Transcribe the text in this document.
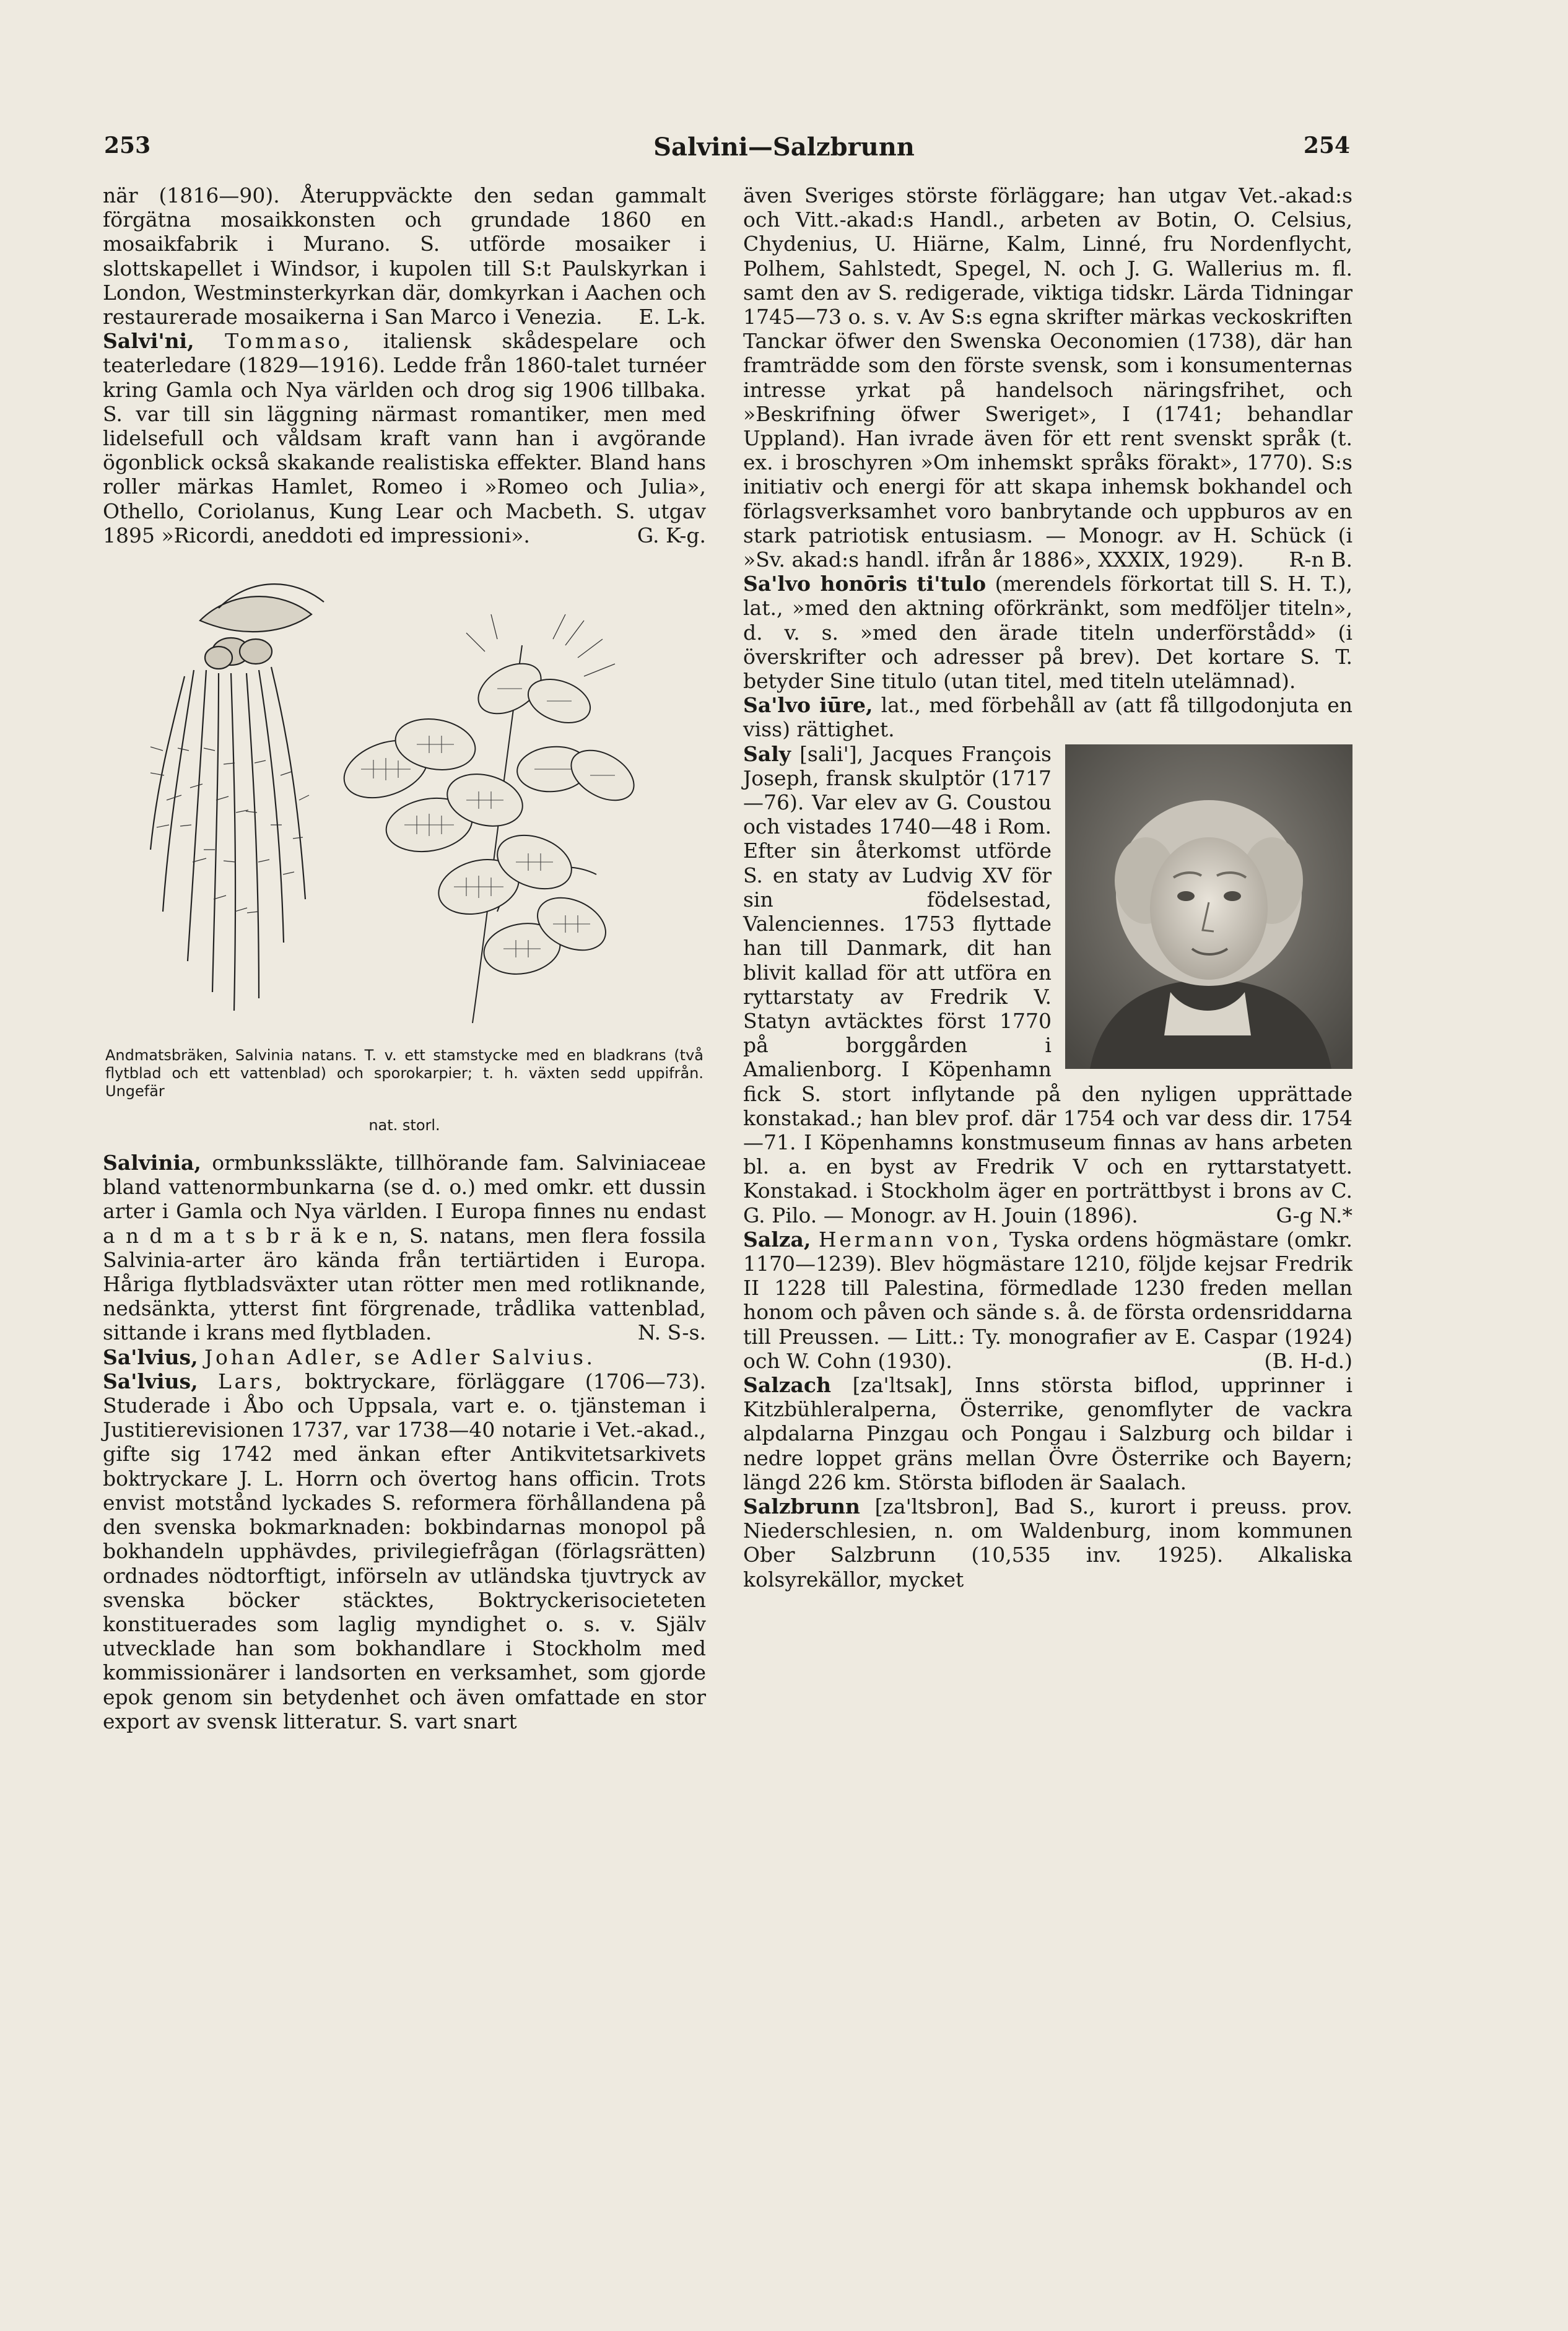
253	Salvini—Salzbrunn	254

när (1816—90). Återuppväckte den sedan gammalt förgätna mosaikkonsten och grundade 1860 en mosaikfabrik i Murano. S. utförde mosaiker i slottskapellet i Windsor, i kupolen till S:t Paulskyrkan i London, Westminsterkyrkan där, domkyrkan i Aachen och restaurerade mosaikerna i San Marco i Venezia. E. L-k.

Salvi'ni, Tommaso, italiensk skådespelare och teaterledare (1829—1916). Ledde från 1860-talet turnéer kring Gamla och Nya världen och drog sig 1906 tillbaka. S. var till sin läggning närmast romantiker, men med lidelsefull och våldsam kraft vann han i avgörande ögonblick också skakande realistiska effekter. Bland hans roller märkas Hamlet, Romeo i »Romeo och Julia», Othello, Coriolanus, Kung Lear och Macbeth. S. utgav 1895 »Ricordi, aneddoti ed impressioni».	G. K-g.

Andmatsbräken, Salvinia natans. T. v. ett stamstycke med en bladkrans (två flytblad och ett vattenblad) och sporokarpier; t. h. växten sedd uppifrån. Ungefär
nat. storl.

Salvinia, ormbunkssläkte, tillhörande fam. Salviniaceae bland vattenormbunkarna (se d. o.) med omkr. ett dussin arter i Gamla och Nya världen. I Europa finnes nu endast a n d m a t s b r ä k e n, S. natans, men flera fossila Salvinia-arter äro kända från tertiärtiden i Europa. Håriga flytbladsväxter utan rötter men med rotliknande, nedsänkta, ytterst fint förgrenade, trådlika vattenblad, sittande i krans med flytbladen.	N. S-s.

Sa'lvius, Johan Adler, se Adler Salvius.

Sa'lvius, Lars, boktryckare, förläggare (1706—73). Studerade i Åbo och Uppsala, vart e. o. tjänsteman i Justitierevisionen 1737, var 1738—40 notarie i Vet.-akad., gifte sig 1742 med änkan efter Antikvitetsarkivets boktryckare J. L. Horrn och övertog hans officin. Trots envist motstånd lyckades S. reformera förhållandena på den svenska bokmarknaden: bokbindarnas monopol på bokhandeln upphävdes, privilegiefrågan (förlagsrätten) ordnades nödtorftigt, införseln av utländska tjuvtryck av svenska böcker stäcktes, Boktryckerisocieteten konstituerades som laglig myndighet o. s. v. Själv utvecklade han som bokhandlare i Stockholm med kommissionärer i landsorten en verksamhet, som gjorde epok genom sin betydenhet och även omfattade en stor export av svensk litteratur. S. vart snart

även Sveriges störste förläggare; han utgav Vet.-akad:s och Vitt.-akad:s Handl., arbeten av Botin, O. Celsius, Chydenius, U. Hiärne, Kalm, Linné, fru Nordenflycht, Polhem, Sahlstedt, Spegel, N. och J. G. Wallerius m. fl. samt den av S. redigerade, viktiga tidskr. Lärda Tidningar 1745—73 o. s. v. Av S:s egna skrifter märkas veckoskriften Tanckar öfwer den Swenska Oeconomien (1738), där han framträdde som den förste svensk, som i konsumenternas intresse yrkat på handelsoch näringsfrihet, och »Beskrifning öfwer Sweriget», I (1741; behandlar Uppland). Han ivrade även för ett rent svenskt språk (t. ex. i broschyren »Om inhemskt språks förakt», 1770). S:s initiativ och energi för att skapa inhemsk bokhandel och förlagsverksamhet voro banbrytande och uppburos av en stark patriotisk entusiasm. — Monogr. av H. Schück (i »Sv. akad:s handl. ifrån år 1886», XXXIX, 1929). R-n B.

Sa'lvo honōris ti'tulo (merendels förkortat till S. H. T.), lat., »med den aktning oförkränkt, som medföljer titeln», d. v. s. »med den ärade titeln underförstådd» (i överskrifter och adresser på brev). Det kortare S. T. betyder Sine titulo (utan titel, med titeln utelämnad).

Sa'lvo iūre, lat., med förbehåll av (att få tillgodonjuta en viss) rättighet.

Saly [sali'], Jacques François Joseph, fransk skulptör (1717—76). Var elev av G. Coustou och vistades 1740—48 i Rom. Efter sin återkomst utförde S. en staty av Ludvig XV för sin födelsestad, Valenciennes. 1753 flyttade han till Danmark, dit han blivit kallad för att utföra en ryttarstaty av Fredrik V. Statyn avtäcktes först 1770 på borggården i Amalienborg. I Köpenhamn fick S. stort inflytande på den nyligen upprättade konstakad.; han blev prof. där 1754 och var dess dir. 1754 —71. I Köpenhamns konstmuseum finnas av hans arbeten bl. a. en byst av Fredrik V och en ryttarstatyett. Konstakad. i Stockholm äger en porträttbyst i brons av C. G. Pilo. — Monogr. av H. Jouin (1896).	G-g N.*

Salza, Hermann von, Tyska ordens högmästare (omkr. 1170—1239). Blev högmästare 1210, följde kejsar Fredrik II 1228 till Palestina, förmedlade 1230 freden mellan honom och påven och sände s. å. de första ordensriddarna till Preussen. — Litt.: Ty. monografier av E. Caspar (1924) och W. Cohn (1930).	(B. H-d.)

Salzach [za'ltsak], Inns största biflod, upprinner i Kitzbühleralperna, Österrike, genomflyter de vackra alpdalarna Pinzgau och Pongau i Salzburg och bildar i nedre loppet gräns mellan Övre Österrike och Bayern; längd 226 km. Största bifloden är Saalach.

Salzbrunn [za'ltsbron], Bad S., kurort i preuss. prov. Niederschlesien, n. om Waldenburg, inom kommunen Ober Salzbrunn (10,535 inv. 1925). Alkaliska kolsyrekällor, mycket
